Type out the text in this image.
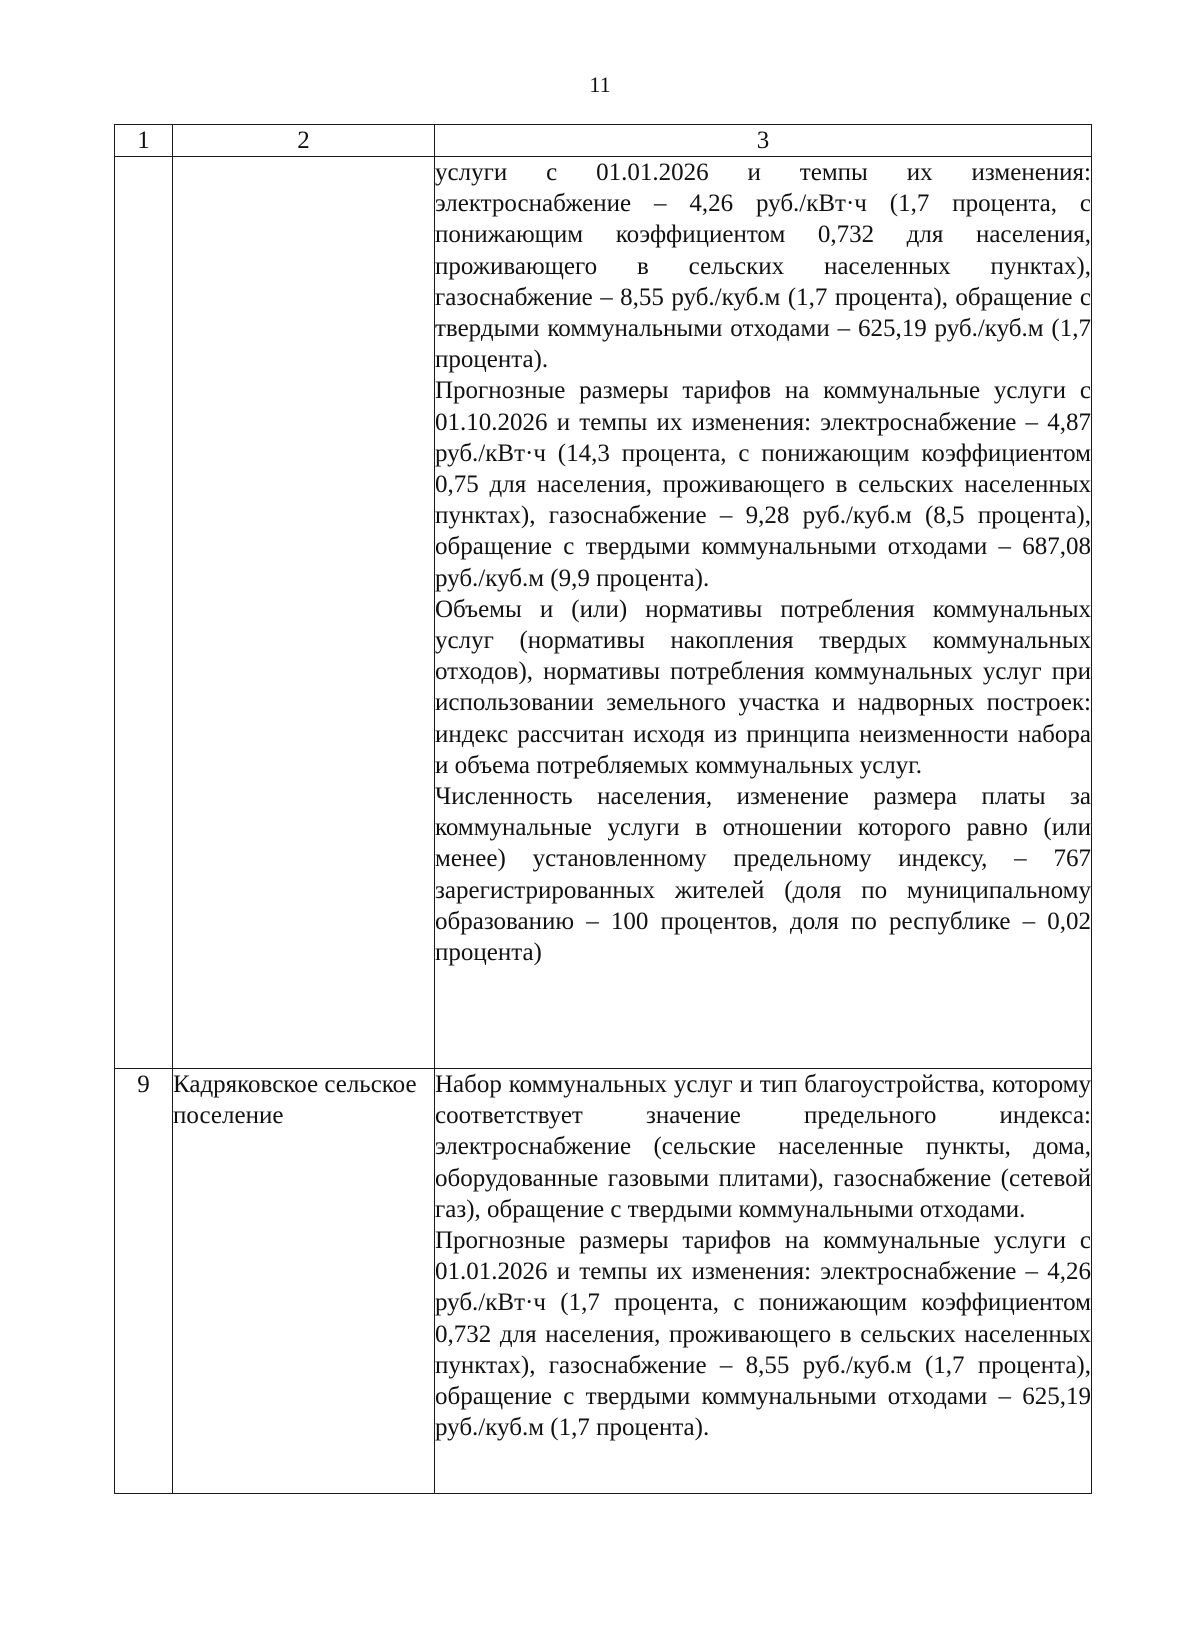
11
1	2	3

		услуги с 01.01.2026 и темпы их изменения: электроснабжение – 4,26 руб./кВт·ч (1,7 процента, с понижающим коэффициентом 0,732 для населения, проживающего в сельских населенных пунктах), газоснабжение – 8,55 руб./куб.м (1,7 процента), обращение с твердыми коммунальными отходами – 625,19 руб./куб.м (1,7 процента).

Прогнозные размеры тарифов на коммунальные услуги с 01.10.2026 и темпы их изменения: электроснабжение – 4,87 руб./кВт·ч (14,3 процента, с понижающим коэффициентом 0,75 для населения, проживающего в сельских населенных пунктах), газоснабжение – 9,28 руб./куб.м (8,5 процента), обращение с твердыми коммунальными отходами – 687,08 руб./куб.м (9,9 процента).

Объемы и (или) нормативы потребления коммунальных услуг (нормативы накопления твердых коммунальных отходов), нормативы потребления коммунальных услуг при использовании земельного участка и надворных построек: индекс рассчитан исходя из принципа неизменности набора и объема потребляемых коммунальных услуг.

Численность населения, изменение размера платы за коммунальные услуги в отношении которого равно (или менее) установленному предельному индексу, – 767 зарегистрированных жителей (доля по муниципальному образованию – 100 процентов, доля по республике – 0,02 процента)

9	Кадряковское сельское поселение	Набор коммунальных услуг и тип благоустройства, которому соответствует значение предельного индекса: электроснабжение (сельские населенные пункты, дома, оборудованные газовыми плитами), газоснабжение (сетевой газ), обращение с твердыми коммунальными отходами.

Прогнозные размеры тарифов на коммунальные услуги с 01.01.2026 и темпы их изменения: электроснабжение – 4,26 руб./кВт·ч (1,7 процента, с понижающим коэффициентом 0,732 для населения, проживающего в сельских населенных пунктах), газоснабжение – 8,55 руб./куб.м (1,7 процента), обращение с твердыми коммунальными отходами – 625,19 руб./куб.м (1,7 процента).
